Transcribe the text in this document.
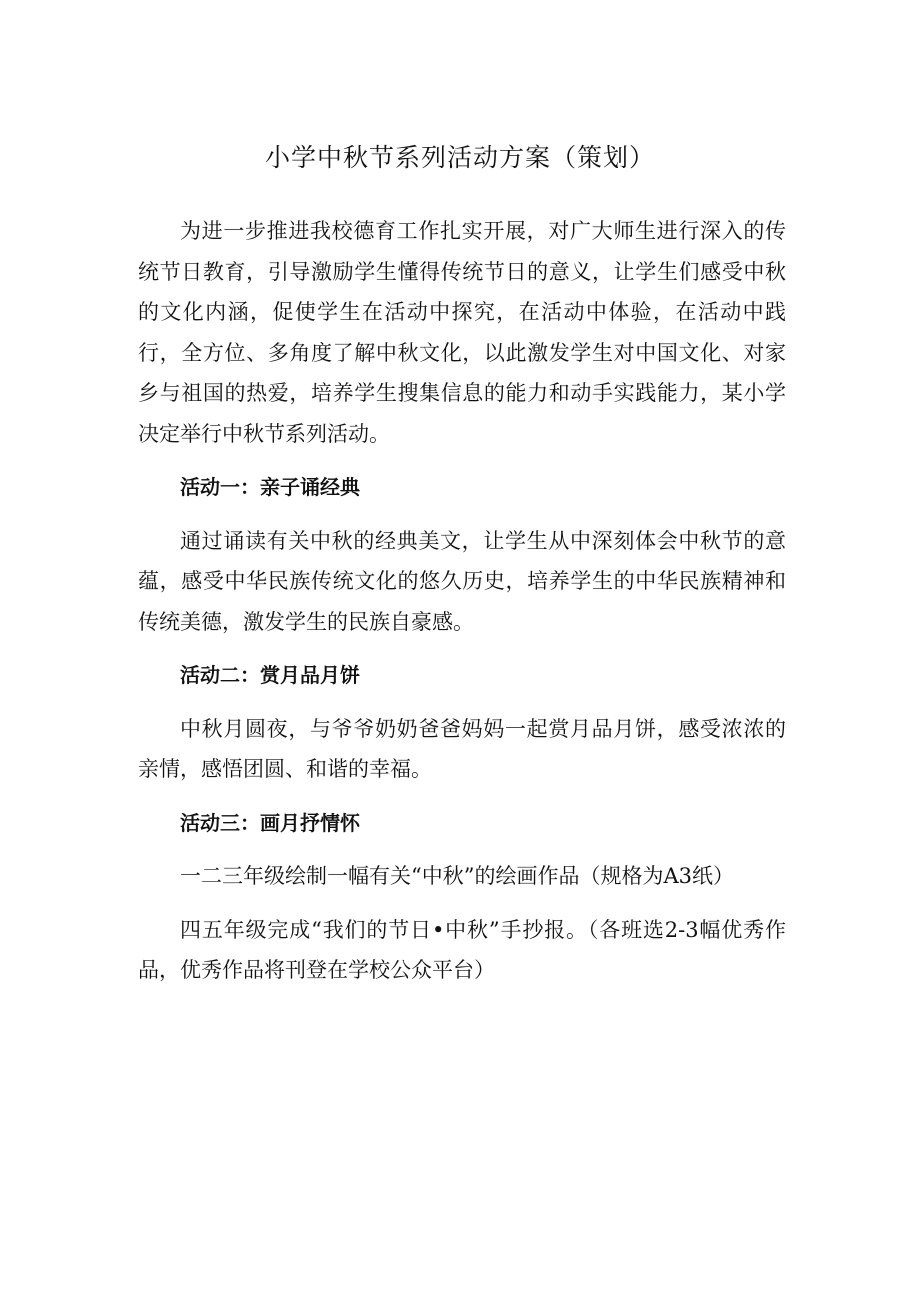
小学中秋节系列活动方案（策划）

为进一步推进我校德育工作扎实开展，对广大师生进行深入的传统节日教育，引导激励学生懂得传统节日的意义，让学生们感受中秋的文化内涵，促使学生在活动中探究，在活动中体验，在活动中践行，全方位、多角度了解中秋文化，以此激发学生对中国文化、对家乡与祖国的热爱，培养学生搜集信息的能力和动手实践能力，某小学决定举行中秋节系列活动。

活动一：亲子诵经典

通过诵读有关中秋的经典美文，让学生从中深刻体会中秋节的意蕴，感受中华民族传统文化的悠久历史，培养学生的中华民族精神和传统美德，激发学生的民族自豪感。

活动二：赏月品月饼

中秋月圆夜，与爷爷奶奶爸爸妈妈一起赏月品月饼，感受浓浓的亲情，感悟团圆、和谐的幸福。

活动三：画月抒情怀

一二三年级绘制一幅有关“中秋”的绘画作品（规格为A3纸）

四五年级完成“我们的节日•中秋”手抄报。（各班选2-3幅优秀作品，优秀作品将刊登在学校公众平台）
